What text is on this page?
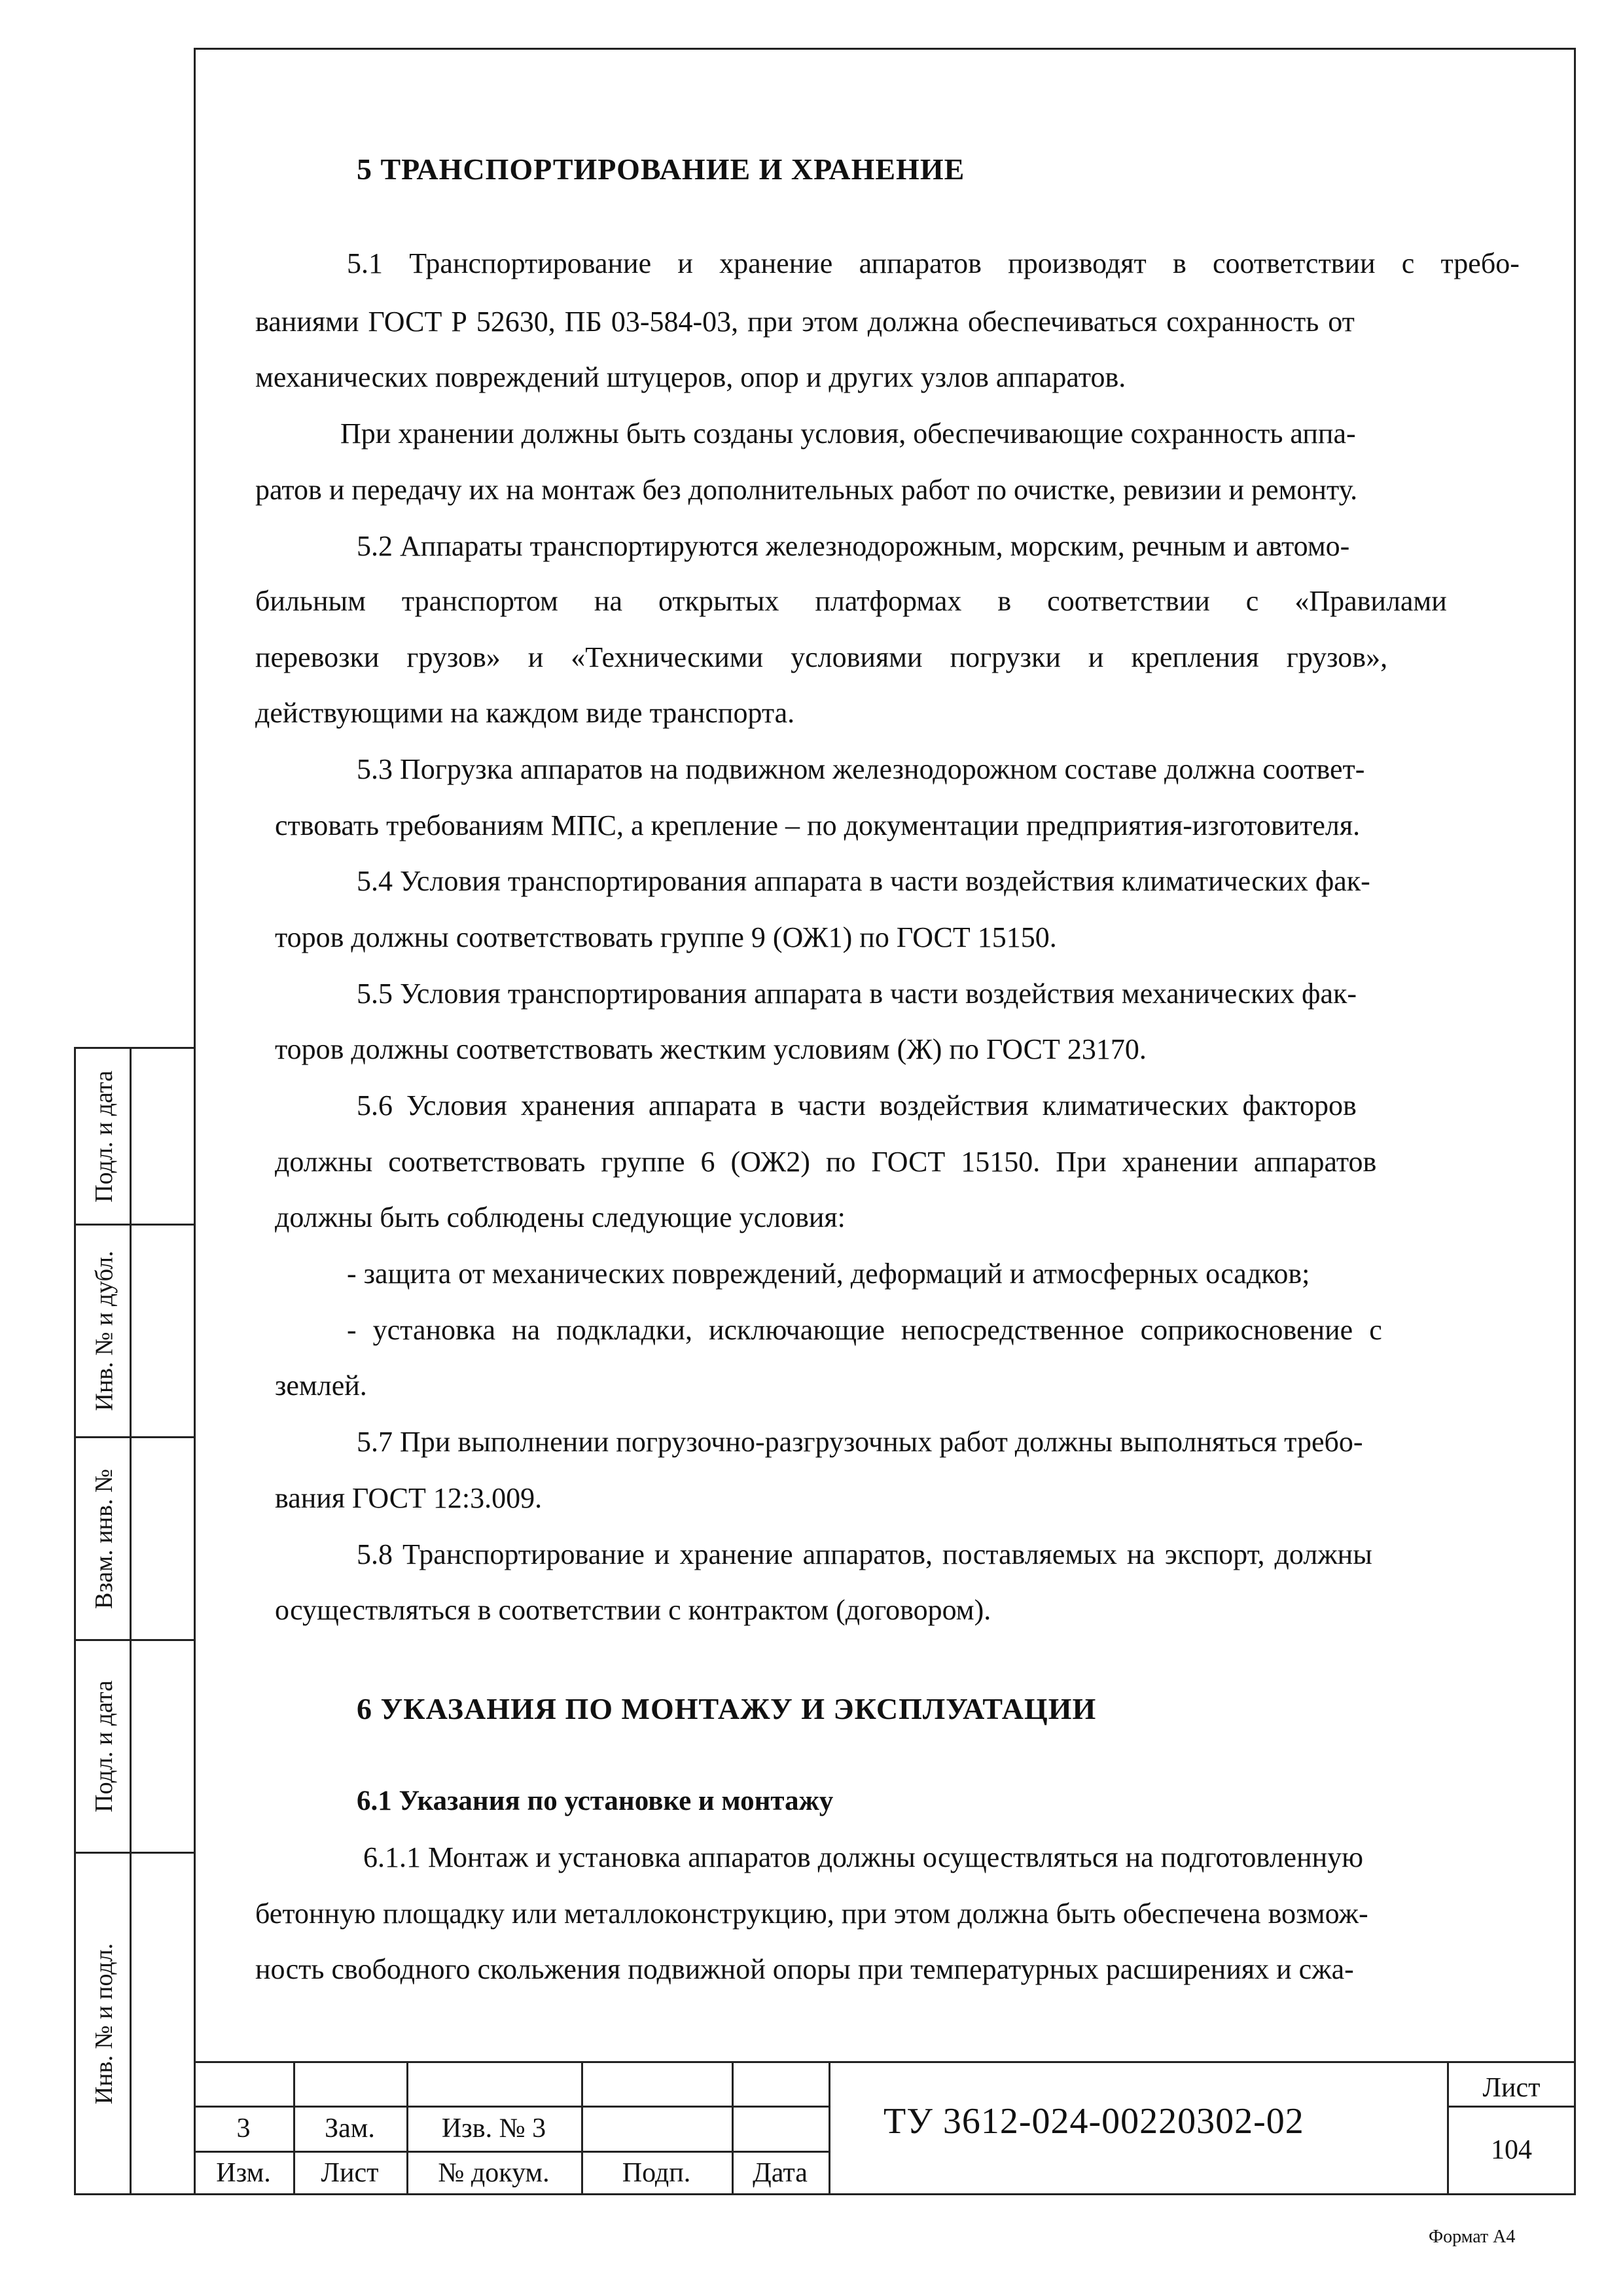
Подл. и дата
Инв. № и дубл.
Взам. инв. №
Подл. и дата
Инв. № и подл.
5 ТРАНСПОРТИРОВАНИЕ И ХРАНЕНИЕ
5.1 Транспортирование и хранение аппаратов производят в соответствии с требо-
ваниями ГОСТ Р 52630, ПБ 03-584-03, при этом должна обеспечиваться сохранность от
механических повреждений штуцеров, опор и других узлов аппаратов.
При хранении должны быть созданы условия, обеспечивающие сохранность аппа-
ратов и передачу их на монтаж без дополнительных работ по очистке, ревизии и ремонту.
5.2 Аппараты транспортируются железнодорожным, морским, речным и автомо-
бильным транспортом на открытых платформах в соответствии с «Правилами
перевозки грузов» и «Техническими условиями погрузки и крепления грузов»,
действующими на каждом виде транспорта.
5.3 Погрузка аппаратов на подвижном железнодорожном составе должна соответ-
ствовать требованиям МПС, а крепление – по документации предприятия-изготовителя.
5.4 Условия транспортирования аппарата в части воздействия климатических фак-
торов должны соответствовать группе 9 (ОЖ1) по ГОСТ 15150.
5.5 Условия транспортирования аппарата в части воздействия механических фак-
торов должны соответствовать жестким условиям (Ж) по ГОСТ 23170.
5.6 Условия хранения аппарата в части воздействия климатических факторов
должны соответствовать группе 6 (ОЖ2) по ГОСТ 15150. При хранении аппаратов
должны быть соблюдены следующие условия:
- защита от механических повреждений, деформаций и атмосферных осадков;
- установка на подкладки, исключающие непосредственное соприкосновение с
землей.
5.7 При выполнении погрузочно-разгрузочных работ должны выполняться требо-
вания ГОСТ 12:3.009.
5.8 Транспортирование и хранение аппаратов, поставляемых на экспорт, должны
осуществляться в соответствии с контрактом (договором).
6 УКАЗАНИЯ ПО МОНТАЖУ И ЭКСПЛУАТАЦИИ
6.1 Указания по установке и монтажу
6.1.1 Монтаж и установка аппаратов должны осуществляться на подготовленную
бетонную площадку или металлоконструкцию, при этом должна быть обеспечена возмож-
ность свободного скольжения подвижной опоры при температурных расширениях и сжа-
3	Зам.	Изв. № 3
Изм.	Лист	№ докум.	Подп.	Дата
ТУ 3612-024-00220302-02
Лист
104
Формат А4
